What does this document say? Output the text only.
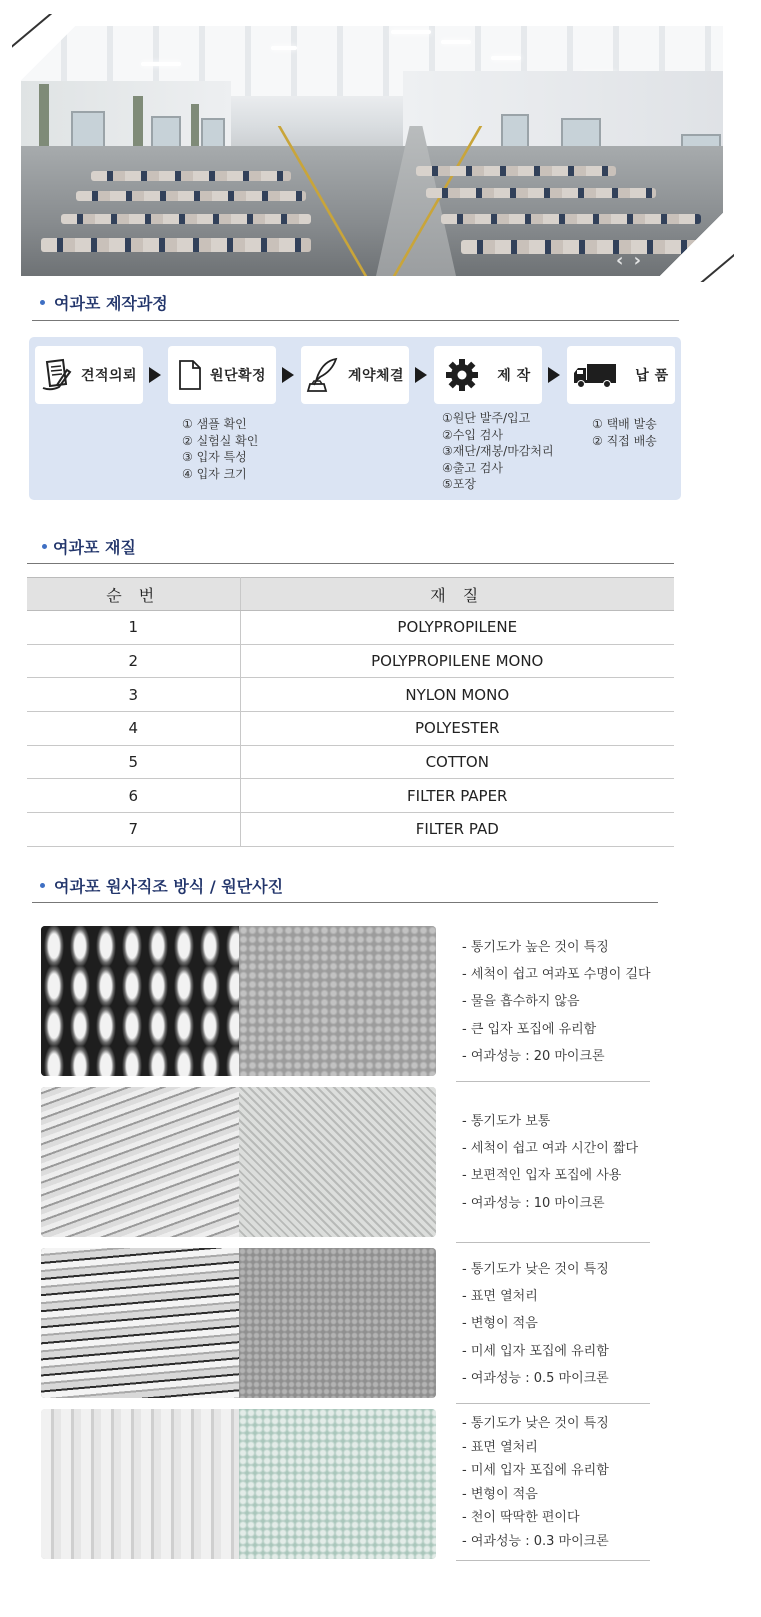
‹ ›
여과포 제작과정
견적의뢰	원단확정	계약체결	제 작	납 품
① 샘플 확인
② 실험실 확인
③ 입자 특성
④ 입자 크기
①원단 발주/입고
②수입 검사
③재단/재봉/마감처리
④출고 검사
⑤포장
① 택배 발송
② 직접 배송
여과포 재질
순 번	재 질
1	POLYPROPILENE
2	POLYPROPILENE MONO
3	NYLON MONO
4	POLYESTER
5	COTTON
6	FILTER PAPER
7	FILTER PAD
여과포 원사직조 방식 / 원단사진
- 통기도가 높은 것이 특징
- 세척이 쉽고 여과포 수명이 길다
- 물을 흡수하지 않음
- 큰 입자 포집에 유리함
- 여과성능 : 20 마이크론
- 통기도가 보통
- 세척이 쉽고 여과 시간이 짧다
- 보편적인 입자 포집에 사용
- 여과성능 : 10 마이크론
- 통기도가 낮은 것이 특징
- 표면 열처리
- 변형이 적음
- 미세 입자 포집에 유리함
- 여과성능 : 0.5 마이크론
- 통기도가 낮은 것이 특징
- 표면 열처리
- 미세 입자 포집에 유리함
- 변형이 적음
- 천이 딱딱한 편이다
- 여과성능 : 0.3 마이크론
